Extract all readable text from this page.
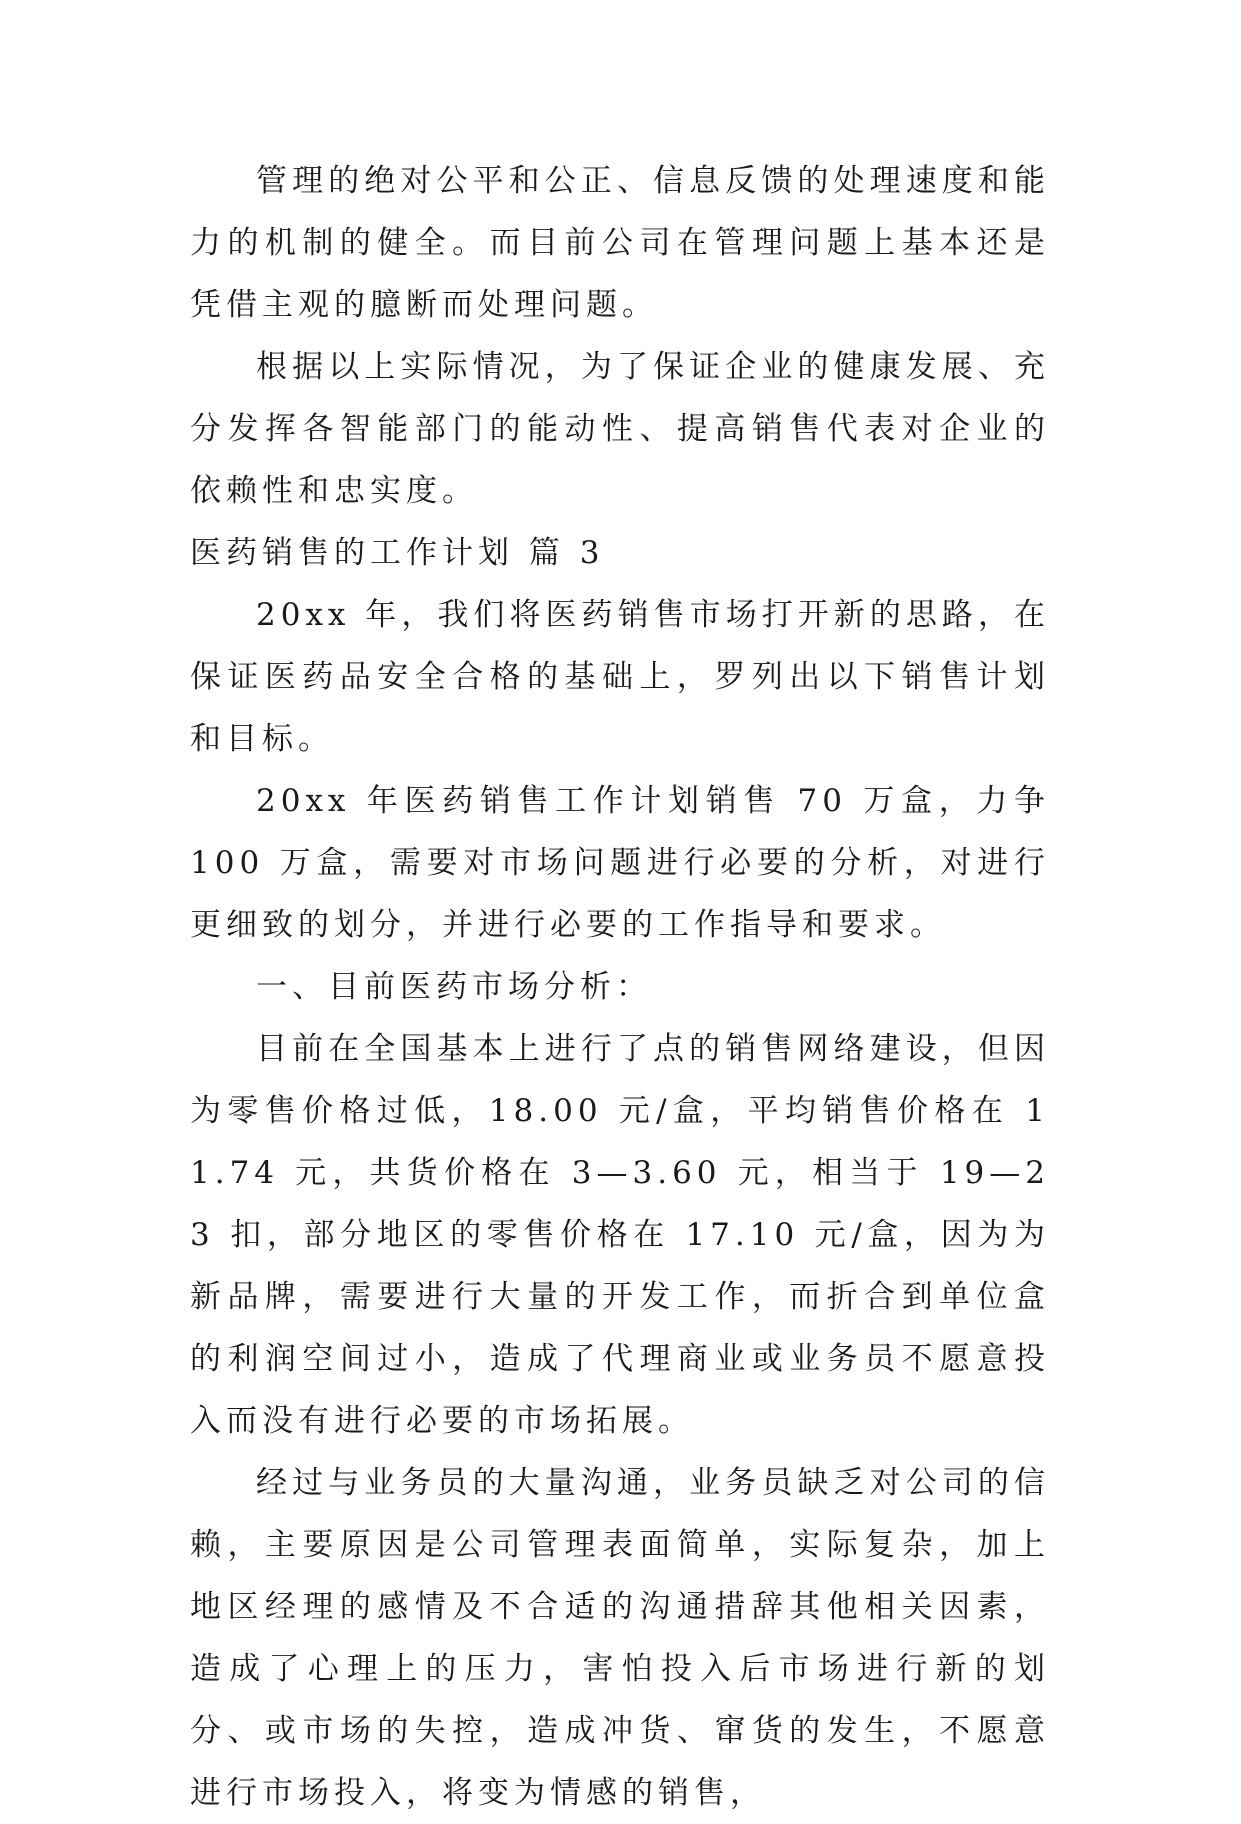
管理的绝对公平和公正、信息反馈的处理速度和能力的机制的健全。而目前公司在管理问题上基本还是凭借主观的臆断而处理问题。

根据以上实际情况，为了保证企业的健康发展、充分发挥各智能部门的能动性、提高销售代表对企业的依赖性和忠实度。

医药销售的工作计划 篇 3

20xx 年，我们将医药销售市场打开新的思路，在保证医药品安全合格的基础上，罗列出以下销售计划和目标。

20xx 年医药销售工作计划销售 70 万盒，力争 100 万盒，需要对市场问题进行必要的分析，对进行更细致的划分，并进行必要的工作指导和要求。

一、目前医药市场分析：

目前在全国基本上进行了点的销售网络建设，但因为零售价格过低，18.00 元/盒，平均销售价格在 11.74 元，共货价格在 3—3.60 元，相当于 19—23 扣，部分地区的零售价格在 17.10 元/盒，因为为新品牌，需要进行大量的开发工作，而折合到单位盒的利润空间过小，造成了代理商业或业务员不愿意投入而没有进行必要的市场拓展。

经过与业务员的大量沟通，业务员缺乏对公司的信赖，主要原因是公司管理表面简单，实际复杂，加上地区经理的感情及不合适的沟通措辞其他相关因素，造成了心理上的压力，害怕投入后市场进行新的划分、或市场的失控，造成冲货、窜货的发生，不愿意进行市场投入，将变为情感的销售，
